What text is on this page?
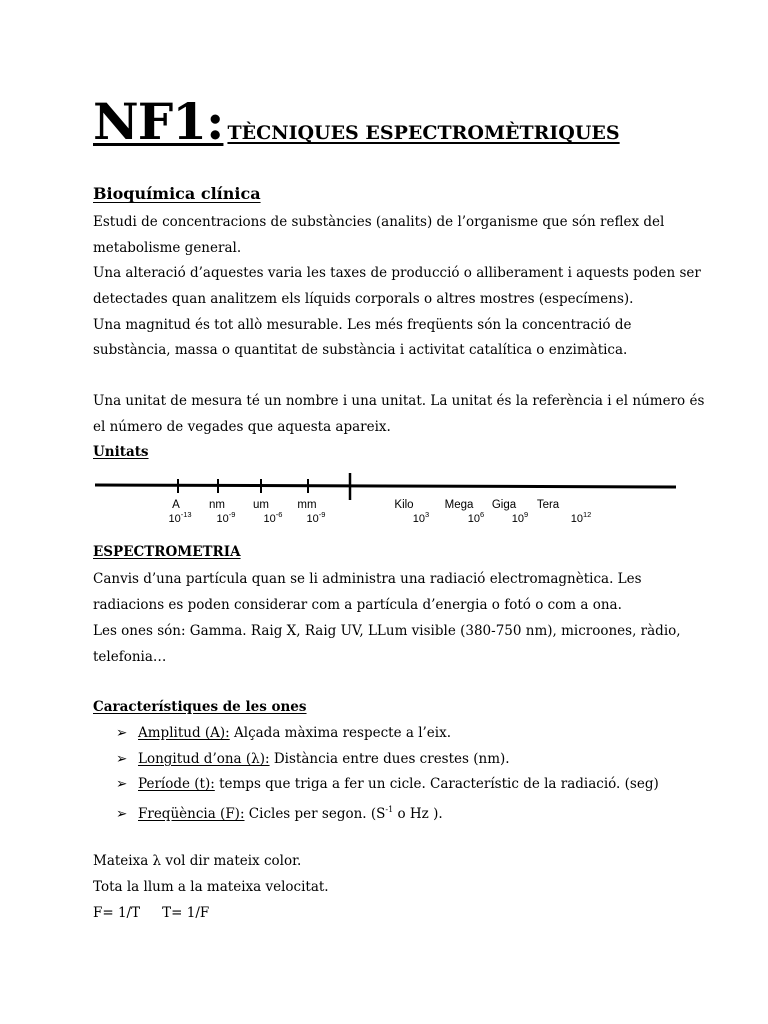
NF1: TÈCNIQUES ESPECTROMÈTRIQUES
Bioquímica clínica
Estudi de concentracions de substàncies (analits) de l’organisme que són reflex del
metabolisme general.
Una alteració d’aquestes varia les taxes de producció o alliberament i aquests poden ser
detectades quan analitzem els líquids corporals o altres mostres (especímens).
Una magnitud és tot allò mesurable. Les més freqüents són la concentració de
substància, massa o quantitat de substància i activitat catalítica o enzimàtica.
Una unitat de mesura té un nombre i una unitat. La unitat és la referència i el número és
el número de vegades que aquesta apareix.
Unitats
A
$10^{-13}$
nm
$10^{-9}$
um
$10^{-6}$
mm
$10^{-9}$
Kilo
$10^3$
Mega
$10^6$
Giga
$10^9$
Tera
$10^{12}$
ESPECTROMETRIA
Canvis d’una partícula quan se li administra una radiació electromagnètica. Les
radiacions es poden considerar com a partícula d’energia o fotó o com a ona.
Les ones són: Gamma. Raig X, Raig UV, LLum visible (380-750 nm), microones, ràdio,
telefonia…
Característiques de les ones
➢ Amplitud (A): Alçada màxima respecte a l’eix.
➢ Longitud d’ona (λ): Distància entre dues crestes (nm).
➢ Període (t): temps que triga a fer un cicle. Característic de la radiació. (seg)
➢ Freqüència (F): Cicles per segon. ($S^{-1}$ o Hz ).
Mateixa λ vol dir mateix color.
Tota la llum a la mateixa velocitat.
F= 1/T T= 1/F
